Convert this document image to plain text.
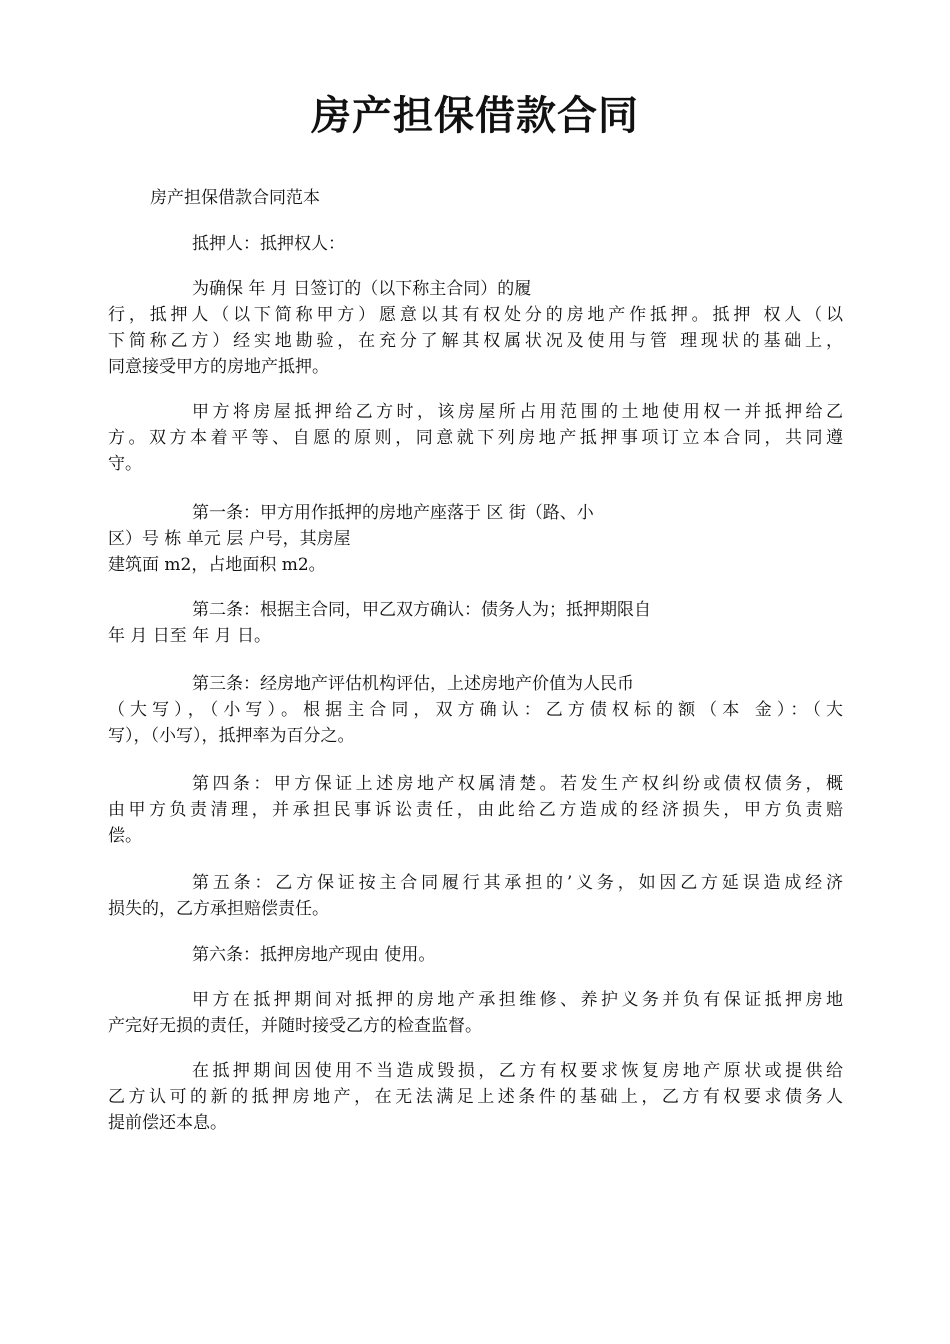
房产担保借款合同
房产担保借款合同范本
抵押人：抵押权人：
为确保 年 月 日签订的（以下称主合同）的履
行，抵押人（以下简称甲方）愿意以其有权处分的房地产作抵押。抵押 权人（以
下简称乙方）经实地勘验，在充分了解其权属状况及使用与管 理现状的基础上，
同意接受甲方的房地产抵押。
甲方将房屋抵押给乙方时，该房屋所占用范围的土地使用权一并抵押给乙
方。双方本着平等、自愿的原则，同意就下列房地产抵押事项订立本合同，共同遵
守。
第一条：甲方用作抵押的房地产座落于 区 街（路、小
区）号 栋 单元 层 户号，其房屋
建筑面 m2，占地面积 m2。
第二条：根据主合同，甲乙双方确认：债务人为；抵押期限自
年 月 日至 年 月 日。
第三条：经房地产评估机构评估，上述房地产价值为人民币
（大写），（小写）。根据主合同，双方确认：乙方债权标的额（本 金）：（大
写），（小写），抵押率为百分之。
第四条：甲方保证上述房地产权属清楚。若发生产权纠纷或债权债务，概
由甲方负责清理，并承担民事诉讼责任，由此给乙方造成的经济损失，甲方负责赔
偿。
第五条：乙方保证按主合同履行其承担的’义务，如因乙方延误造成经济
损失的，乙方承担赔偿责任。
第六条：抵押房地产现由 使用。
甲方在抵押期间对抵押的房地产承担维修、养护义务并负有保证抵押房地
产完好无损的责任，并随时接受乙方的检查监督。
在抵押期间因使用不当造成毁损，乙方有权要求恢复房地产原状或提供给
乙方认可的新的抵押房地产，在无法满足上述条件的基础上，乙方有权要求债务人
提前偿还本息。
